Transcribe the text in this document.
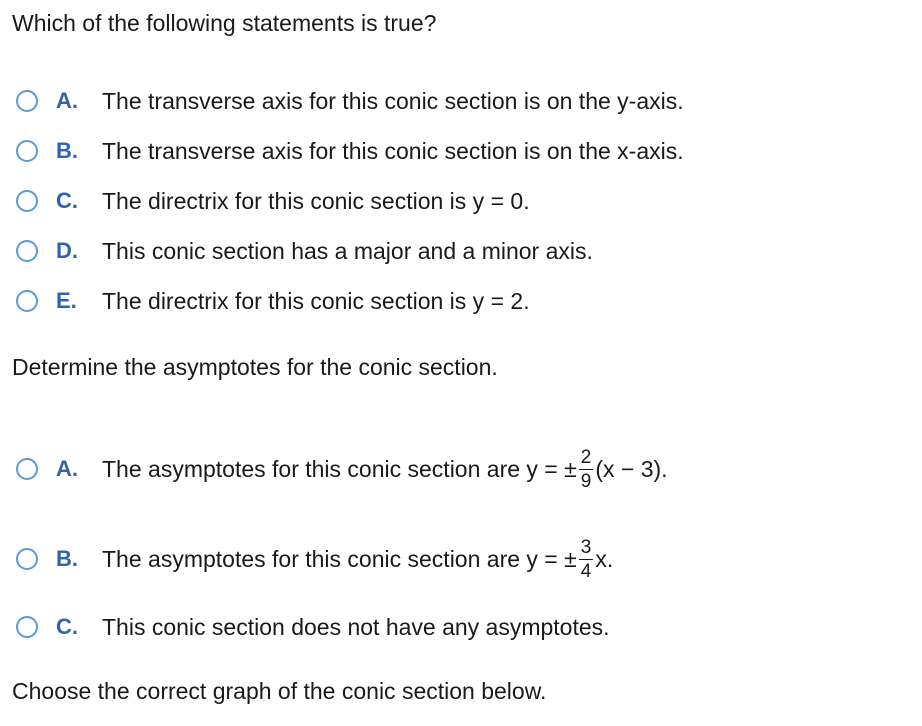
Which of the following statements is true?
A.	The transverse axis for this conic section is on the y-axis.
B.	The transverse axis for this conic section is on the x-axis.
C.	The directrix for this conic section is y = 0.
D.	This conic section has a major and a minor axis.
E.	The directrix for this conic section is y = 2.
Determine the asymptotes for the conic section.
A.	The asymptotes for this conic section are y = ± $\frac{2}{9} (x - 3)$.
B.	The asymptotes for this conic section are y = ± $\frac{3}{4} x$.
C.	This conic section does not have any asymptotes.
Choose the correct graph of the conic section below.
